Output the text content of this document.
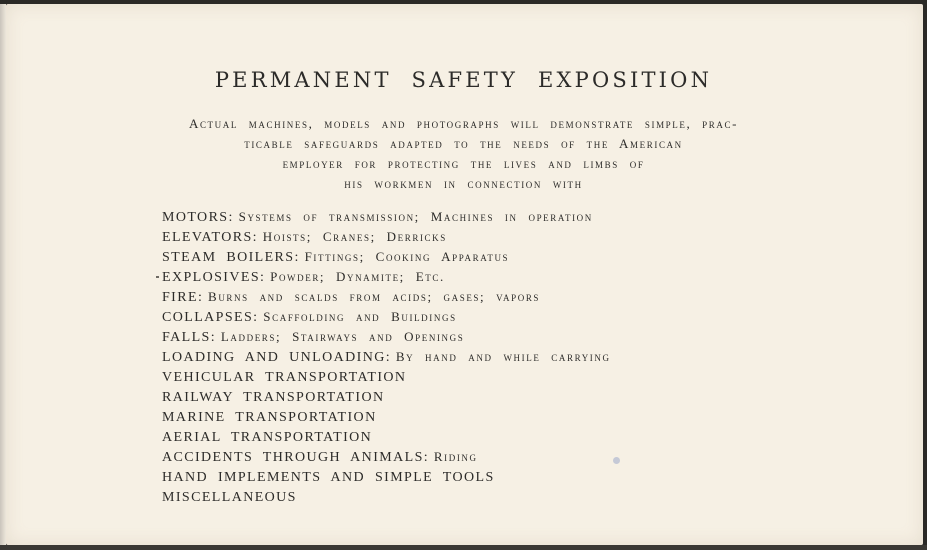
PERMANENT SAFETY EXPOSITION
Actual machines, models and photographs will demonstrate simple, prac-
ticable safeguards adapted to the needs of the American
employer for protecting the lives and limbs of
his workmen in connection with
MOTORS: Systems of transmission; Machines in operation
ELEVATORS: Hoists; Cranes; Derricks
STEAM BOILERS: Fittings; Cooking Apparatus
EXPLOSIVES: Powder; Dynamite; Etc.
FIRE: Burns and scalds from acids; gases; vapors
COLLAPSES: Scaffolding and Buildings
FALLS: Ladders; Stairways and Openings
LOADING AND UNLOADING: By hand and while carrying
VEHICULAR TRANSPORTATION
RAILWAY TRANSPORTATION
MARINE TRANSPORTATION
AERIAL TRANSPORTATION
ACCIDENTS THROUGH ANIMALS: Riding
HAND IMPLEMENTS AND SIMPLE TOOLS
MISCELLANEOUS
